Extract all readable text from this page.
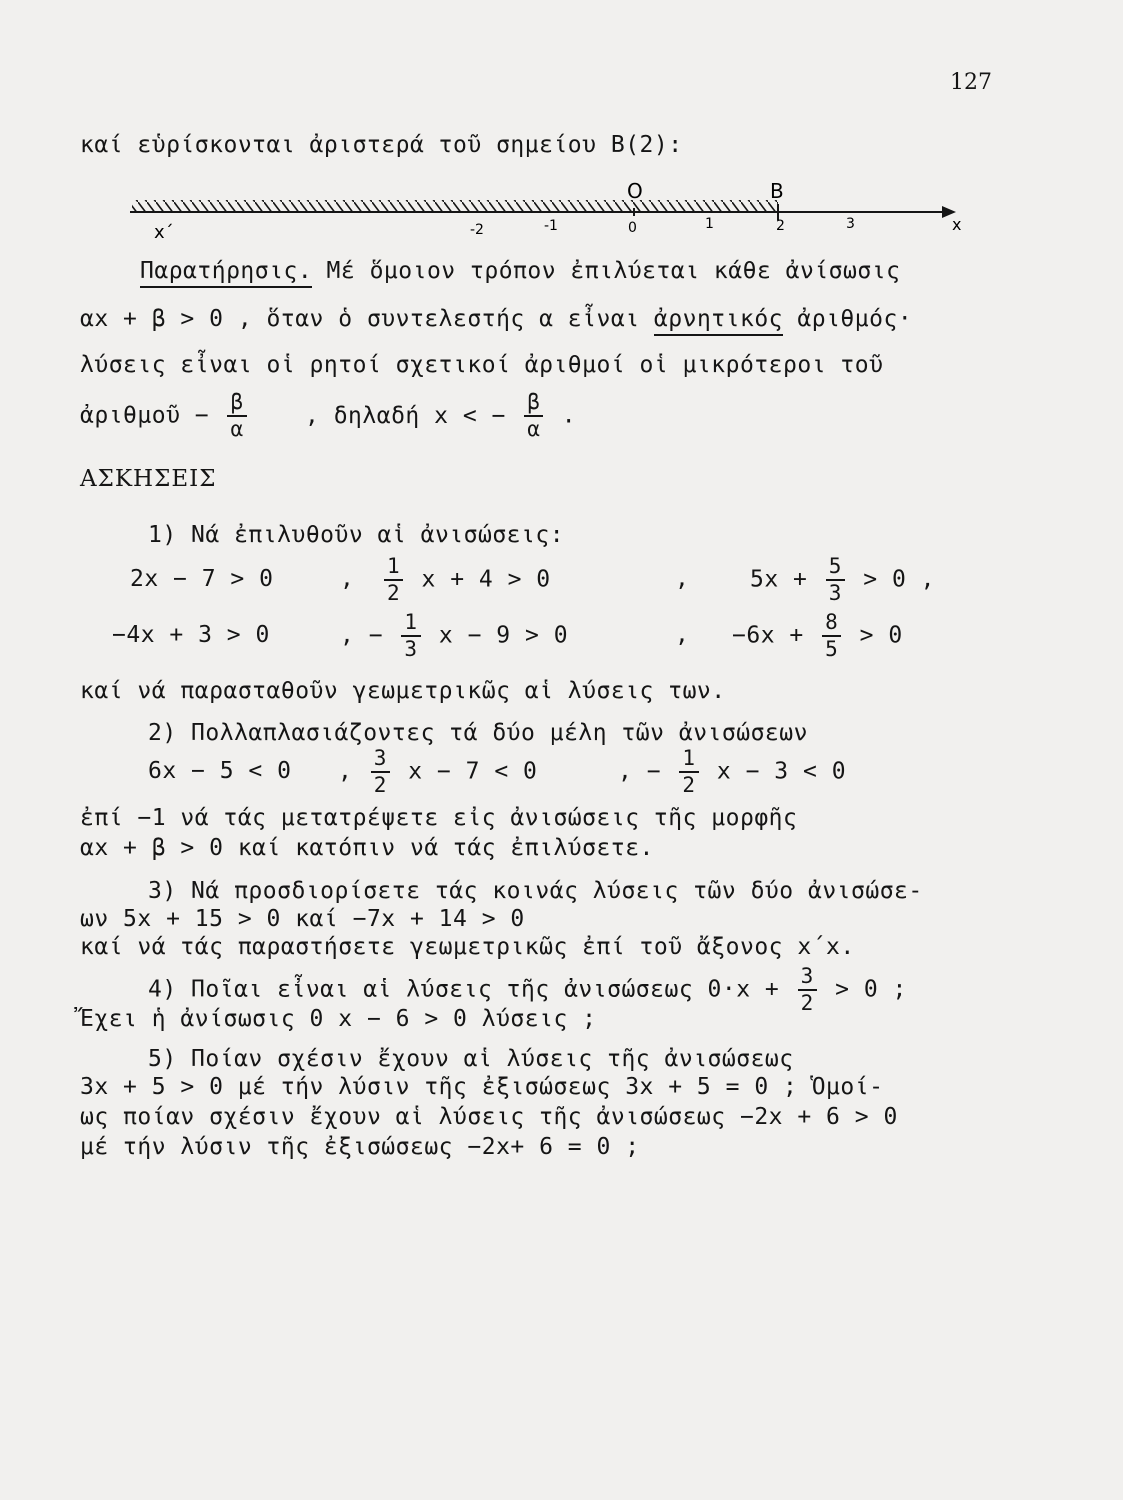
127
καί εὑρίσκονται ἀριστερά τοῦ σημείου Β(2):
O	B
x΄	x
-2	-1	0	1	2	3
Παρατήρησις. Μέ ὅμοιον τρόπον ἐπιλύεται κάθε ἀνίσωσις
αx + β > 0 , ὅταν ὁ συντελεστής α εἶναι ἀρνητικός ἀριθμός·
λύσεις εἶναι οἱ ρητοί σχετικοί ἀριθμοί οἱ μικρότεροι τοῦ
ἀριθμοῦ − $\frac{\beta}{\alpha}$	, δηλαδή x < − $\frac{\beta}{\alpha}$ .
ΑΣΚΗΣΕΙΣ
1) Νά ἐπιλυθοῦν αἱ ἀνισώσεις:
2x − 7 > 0	, $\frac{1}{2}$ x + 4 > 0	,	$5x + \frac{5}{3} > 0$ ,
−4x + 3 > 0	, − $\frac{1}{3}$ x − 9 > 0	, $-6x + \frac{8}{5} > 0$
καί νά παρασταθοῦν γεωμετρικῶς αἱ λύσεις των.
2) Πολλαπλασιάζοντες τά δύο μέλη τῶν ἀνισώσεων
6x − 5 < 0 , $\frac{3}{2}$ x − 7 < 0	, − $\frac{1}{2}$ x − 3 < 0
ἐπί −1 νά τάς μετατρέψετε εἰς ἀνισώσεις τῆς μορφῆς
αx + β > 0 καί κατόπιν νά τάς ἐπιλύσετε.
3) Νά προσδιορίσετε τάς κοινάς λύσεις τῶν δύο ἀνισώσε-
ων 5x + 15 > 0 καί −7x + 14 > 0
καί νά τάς παραστήσετε γεωμετρικῶς ἐπί τοῦ ἄξονος x΄x.
4) Ποῖαι εἶναι αἱ λύσεις τῆς ἀνισώσεως $0\cdot x + \frac{3}{2} > 0$ ;
Ἔχει ἡ ἀνίσωσις 0 x − 6 > 0 λύσεις ;
5) Ποίαν σχέσιν ἔχουν αἱ λύσεις τῆς ἀνισώσεως
3x + 5 > 0 μέ τήν λύσιν τῆς ἐξισώσεως 3x + 5 = 0 ; Ὁμοί-
ως ποίαν σχέσιν ἔχουν αἱ λύσεις τῆς ἀνισώσεως −2x + 6 > 0
μέ τήν λύσιν τῆς ἐξισώσεως −2x+ 6 = 0 ;
